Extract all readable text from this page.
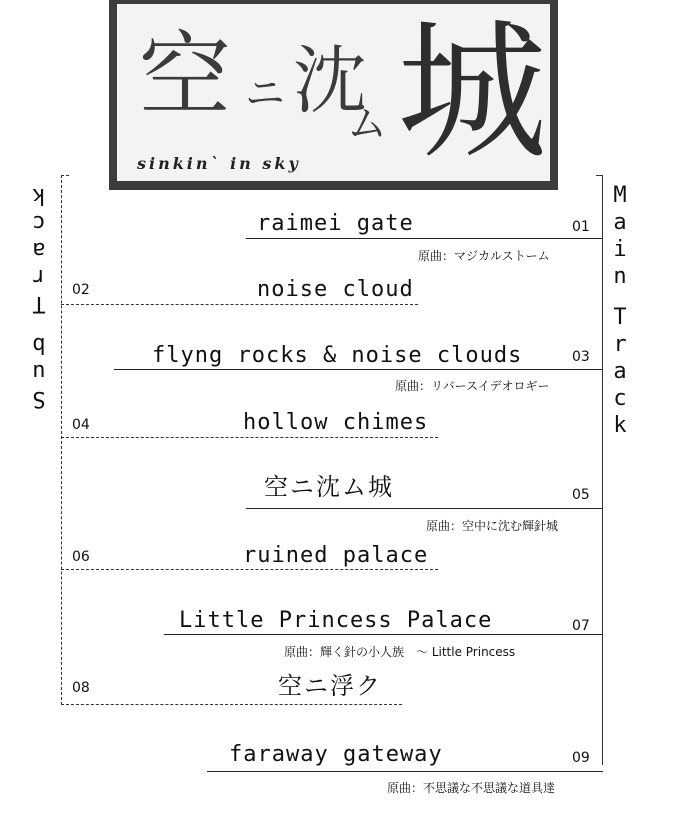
空 ニ 沈
ム 城
sinkin` in sky
S
u
b
T
r
a
c
k	M
a
i
n
T
r
a
c
k
raimei gate	01
原曲：マジカルストーム
02	noise cloud
flyng rocks & noise clouds	03
原曲：リバースイデオロギー
04	hollow chimes
空ニ沈ム城	05
原曲：空中に沈む輝針城
06	ruined palace
Little Princess Palace	07
原曲：輝く針の小人族　～ Little Princess
08	空ニ浮ク
faraway gateway	09
原曲：不思議な不思議な道具達
